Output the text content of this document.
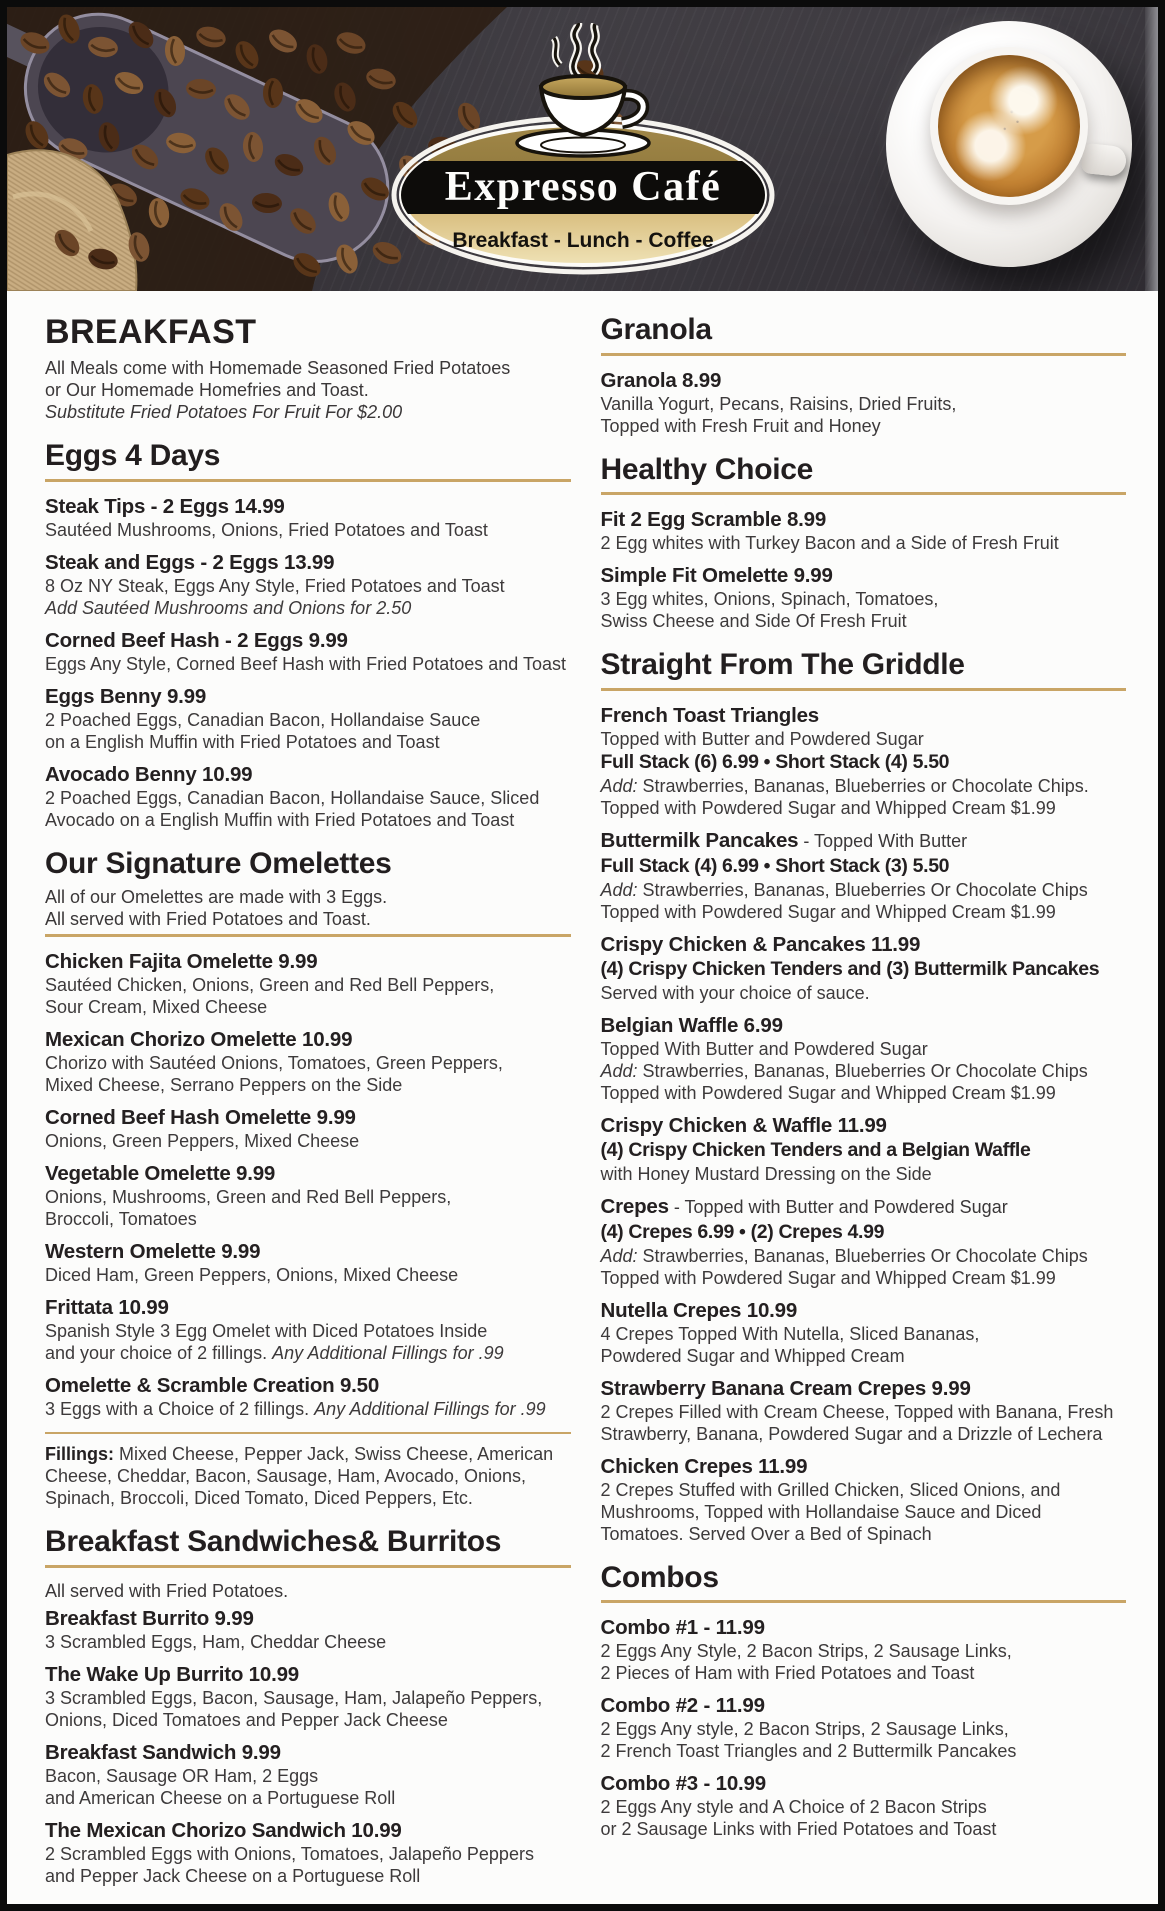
Expresso Café
Breakfast - Lunch - Coffee
BREAKFAST
All Meals come with Homemade Seasoned Fried Potatoes
or Our Homemade Homefries and Toast.
Substitute Fried Potatoes For Fruit For $2.00
Eggs 4 Days
Steak Tips - 2 Eggs 14.99
Sautéed Mushrooms, Onions, Fried Potatoes and Toast
Steak and Eggs - 2 Eggs 13.99
8 Oz NY Steak, Eggs Any Style, Fried Potatoes and Toast
Add Sautéed Mushrooms and Onions for 2.50
Corned Beef Hash - 2 Eggs 9.99
Eggs Any Style, Corned Beef Hash with Fried Potatoes and Toast
Eggs Benny 9.99
2 Poached Eggs, Canadian Bacon, Hollandaise Sauce
on a English Muffin with Fried Potatoes and Toast
Avocado Benny 10.99
2 Poached Eggs, Canadian Bacon, Hollandaise Sauce, Sliced
Avocado on a English Muffin with Fried Potatoes and Toast
Our Signature Omelettes
All of our Omelettes are made with 3 Eggs.
All served with Fried Potatoes and Toast.
Chicken Fajita Omelette 9.99
Sautéed Chicken, Onions, Green and Red Bell Peppers,
Sour Cream, Mixed Cheese
Mexican Chorizo Omelette 10.99
Chorizo with Sautéed Onions, Tomatoes, Green Peppers,
Mixed Cheese, Serrano Peppers on the Side
Corned Beef Hash Omelette 9.99
Onions, Green Peppers, Mixed Cheese
Vegetable Omelette 9.99
Onions, Mushrooms, Green and Red Bell Peppers,
Broccoli, Tomatoes
Western Omelette 9.99
Diced Ham, Green Peppers, Onions, Mixed Cheese
Frittata 10.99
Spanish Style 3 Egg Omelet with Diced Potatoes Inside
and your choice of 2 fillings. Any Additional Fillings for .99
Omelette & Scramble Creation 9.50
3 Eggs with a Choice of 2 fillings. Any Additional Fillings for .99
Fillings: Mixed Cheese, Pepper Jack, Swiss Cheese, American
Cheese, Cheddar, Bacon, Sausage, Ham, Avocado, Onions,
Spinach, Broccoli, Diced Tomato, Diced Peppers, Etc.
Breakfast Sandwiches& Burritos
All served with Fried Potatoes.
Breakfast Burrito 9.99
3 Scrambled Eggs, Ham, Cheddar Cheese
The Wake Up Burrito 10.99
3 Scrambled Eggs, Bacon, Sausage, Ham, Jalapeño Peppers,
Onions, Diced Tomatoes and Pepper Jack Cheese
Breakfast Sandwich 9.99
Bacon, Sausage OR Ham, 2 Eggs
and American Cheese on a Portuguese Roll
The Mexican Chorizo Sandwich 10.99
2 Scrambled Eggs with Onions, Tomatoes, Jalapeño Peppers
and Pepper Jack Cheese on a Portuguese Roll
Granola
Granola 8.99
Vanilla Yogurt, Pecans, Raisins, Dried Fruits,
Topped with Fresh Fruit and Honey
Healthy Choice
Fit 2 Egg Scramble 8.99
2 Egg whites with Turkey Bacon and a Side of Fresh Fruit
Simple Fit Omelette 9.99
3 Egg whites, Onions, Spinach, Tomatoes,
Swiss Cheese and Side Of Fresh Fruit
Straight From The Griddle
French Toast Triangles
Topped with Butter and Powdered Sugar
Full Stack (6) 6.99 • Short Stack (4) 5.50
Add: Strawberries, Bananas, Blueberries or Chocolate Chips.
Topped with Powdered Sugar and Whipped Cream $1.99
Buttermilk Pancakes - Topped With Butter
Full Stack (4) 6.99 • Short Stack (3) 5.50
Add: Strawberries, Bananas, Blueberries Or Chocolate Chips
Topped with Powdered Sugar and Whipped Cream $1.99
Crispy Chicken & Pancakes 11.99
(4) Crispy Chicken Tenders and (3) Buttermilk Pancakes
Served with your choice of sauce.
Belgian Waffle 6.99
Topped With Butter and Powdered Sugar
Add: Strawberries, Bananas, Blueberries Or Chocolate Chips
Topped with Powdered Sugar and Whipped Cream $1.99
Crispy Chicken & Waffle 11.99
(4) Crispy Chicken Tenders and a Belgian Waffle
with Honey Mustard Dressing on the Side
Crepes - Topped with Butter and Powdered Sugar
(4) Crepes 6.99 • (2) Crepes 4.99
Add: Strawberries, Bananas, Blueberries Or Chocolate Chips
Topped with Powdered Sugar and Whipped Cream $1.99
Nutella Crepes 10.99
4 Crepes Topped With Nutella, Sliced Bananas,
Powdered Sugar and Whipped Cream
Strawberry Banana Cream Crepes 9.99
2 Crepes Filled with Cream Cheese, Topped with Banana, Fresh
Strawberry, Banana, Powdered Sugar and a Drizzle of Lechera
Chicken Crepes 11.99
2 Crepes Stuffed with Grilled Chicken, Sliced Onions, and
Mushrooms, Topped with Hollandaise Sauce and Diced
Tomatoes. Served Over a Bed of Spinach
Combos
Combo #1 - 11.99
2 Eggs Any Style, 2 Bacon Strips, 2 Sausage Links,
2 Pieces of Ham with Fried Potatoes and Toast
Combo #2 - 11.99
2 Eggs Any style, 2 Bacon Strips, 2 Sausage Links,
2 French Toast Triangles and 2 Buttermilk Pancakes
Combo #3 - 10.99
2 Eggs Any style and A Choice of 2 Bacon Strips
or 2 Sausage Links with Fried Potatoes and Toast
